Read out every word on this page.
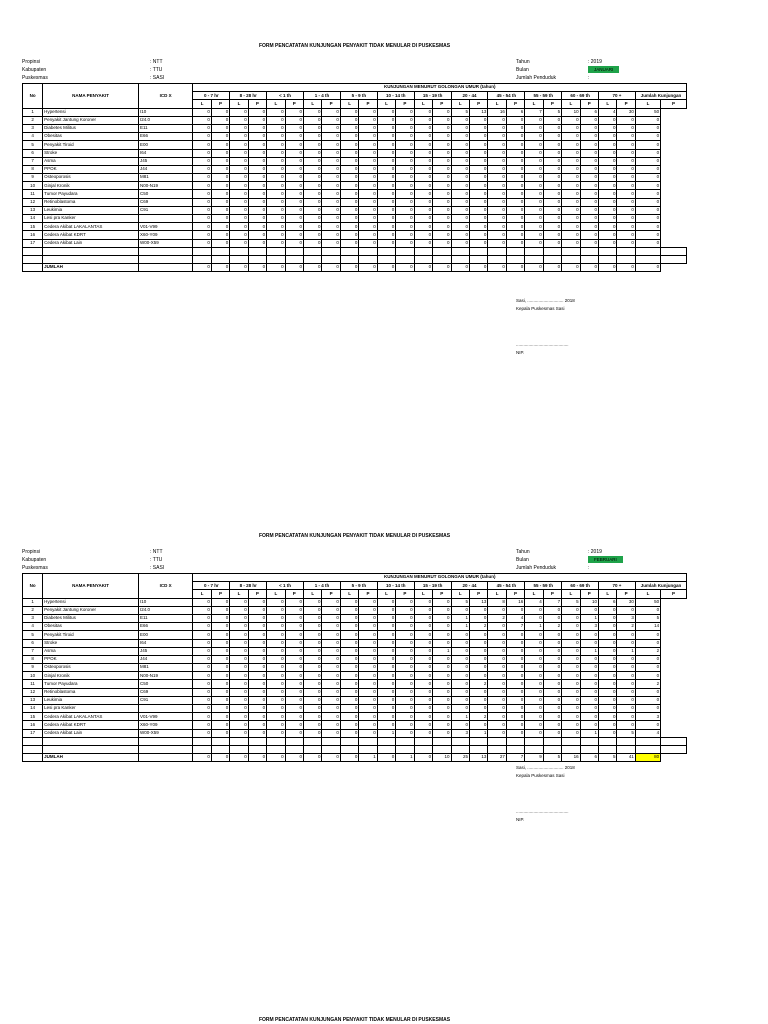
FORM PENCATATAN KUNJUNGAN PENYAKIT TIDAK MENULAR DI PUSKESMAS
Propinsi	: NTT
Kabupaten	: TTU
Puskesmas	: SASI
Tahun	: 2019
Bulan	JANUARI
Jumlah Penduduk	:
No	NAMA PENYAKIT	ICD X	KUNJUNGAN MENURUT GOLONGAN UMUR (tahun)																									
			0 - 7 hr		8 - 28 hr		< 1 th		1 - 4 th		5 - 9 th		10 - 14 th		15 - 19 th		20 - 44		45 - 54 th		55 - 59 th		60 - 69 th		70 +		Jumlah Kunjungan	
			L	P	L	P	L	P	L	P	L	P	L	P	L	P	L	P	L	P	L	P	L	P	L	P	L	P
1	Hypertensi	I10	0	0	0	0	0	0	0	0	0	0	0	0	0	0	5	13	16	6	7	5	10	6	4	30	50	
2	Penyakit Jantung Koroner	I24.0	0	0	0	0	0	0	0	0	0	0	0	0	0	0	0	0	0	0	0	0	0	0	0	0	0	
3	Diabetes Militus	E11	0	0	0	0	0	0	0	0	0	0	0	0	0	0	0	0	0	0	0	0	0	0	0	0	0	
4	Obesitas	E66	0	0	0	0	0	0	0	0	0	0	0	0	0	0	0	0	0	0	0	0	0	0	0	0	0	
5	Penyakit Tiroid	E00	0	0	0	0	0	0	0	0	0	0	0	0	0	0	0	0	0	0	0	0	0	0	0	0	0	
6	Stroke	I64	0	0	0	0	0	0	0	0	0	0	0	0	0	0	0	0	0	0	0	0	0	0	0	0	0	
7	Asma	J45	0	0	0	0	0	0	0	0	0	0	0	0	0	0	0	0	0	0	0	0	0	0	0	0	0	
8	PPOK	J44	0	0	0	0	0	0	0	0	0	0	0	0	0	0	0	0	0	0	0	0	0	0	0	0	0	
9	Osteoporosis	M81	0	0	0	0	0	0	0	0	0	0	0	0	0	0	0	0	0	0	0	0	0	0	0	0	0	
10	Ginjal Kronik	N00-N19	0	0	0	0	0	0	0	0	0	0	0	0	0	0	0	0	0	0	0	0	0	0	0	0	0	
11	Tumor Payudara	C50	0	0	0	0	0	0	0	0	0	0	0	0	0	0	0	0	0	0	0	0	0	0	0	0	0	
12	Retinoblastoma	C69	0	0	0	0	0	0	0	0	0	0	0	0	0	0	0	0	0	0	0	0	0	0	0	0	0	
13	Leukimia	C91	0	0	0	0	0	0	0	0	0	0	0	0	0	0	0	0	0	0	0	0	0	0	0	0	0	
14	Lesi pra Kanker		0	0	0	0	0	0	0	0	0	0	0	0	0	0	0	0	0	0	0	0	0	0	0	0	0	
15	Cedera Akibat LAKALANTAS	V01-V99	0	0	0	0	0	0	0	0	0	0	0	0	0	0	0	0	0	0	0	0	0	0	0	0	0	
16	Cedera Akibat KDRT	X60-Y09	0	0	0	0	0	0	0	0	0	0	0	0	0	0	0	0	0	0	0	0	0	0	0	0	0	
17	Cedera Akibat Lain	W00-X59	0	0	0	0	0	0	0	0	0	0	0	0	0	0	0	0	0	0	0	0	0	0	0	0	0	

	JUMLAH		0	0	0	0	0	0	0	0	0	0	0	0	0	0	0	0	0	0	0	0	0	0	0	0	0	
Sasi, ............................. 2018
Kepala Puskesmas Sasi
..........................................
NIP.
FORM PENCATATAN KUNJUNGAN PENYAKIT TIDAK MENULAR DI PUSKESMAS
Propinsi	: NTT
Kabupaten	: TTU
Puskesmas	: SASI
Tahun	: 2019
Bulan	FEBRUARI
Jumlah Penduduk	:
No	NAMA PENYAKIT	ICD X	KUNJUNGAN MENURUT GOLONGAN UMUR (tahun)																									
			0 - 7 hr		8 - 28 hr		< 1 th		1 - 4 th		5 - 9 th		10 - 14 th		15 - 19 th		20 - 44		45 - 54 th		55 - 59 th		60 - 69 th		70 +		Jumlah Kunjungan	
			L	P	L	P	L	P	L	P	L	P	L	P	L	P	L	P	L	P	L	P	L	P	L	P	L	P
1	Hypertensi	I10	0	0	0	0	0	0	0	0	0	0	0	0	0	0	5	13	8	16	4	7	5	10	6	30	50	
2	Penyakit Jantung Koroner	I24.0	0	0	0	0	0	0	0	0	0	0	0	0	0	0	0	0	0	0	0	0	0	0	0	0	0	
3	Diabetes Militus	E11	0	0	0	0	0	0	0	0	0	0	0	0	0	0	1	0	2	4	0	0	0	1	0	3	5	
4	Obesitas	E66	0	0	0	0	0	0	0	0	0	0	0	0	0	0	1	2	0	7	1	2	0	3	0	2	14	
5	Penyakit Tiroid	E00	0	0	0	0	0	0	0	0	0	0	0	0	0	0	0	0	0	0	0	0	0	0	0	0	0	
6	Stroke	I64	0	0	0	0	0	0	0	0	0	0	0	0	0	0	0	0	0	0	0	0	0	0	0	0	0	
7	Asma	J45	0	0	0	0	0	0	0	0	0	0	0	0	0	1	0	0	0	0	0	0	0	1	0	1	2	
8	PPOK	J44	0	0	0	0	0	0	0	0	0	0	0	0	0	0	0	0	0	0	0	0	0	0	0	0	0	
9	Osteoporosis	M81	0	0	0	0	0	0	0	0	0	0	0	0	0	0	0	0	0	0	0	0	0	0	0	0	0	
10	Ginjal Kronik	N00-N19	0	0	0	0	0	0	0	0	0	0	0	0	0	0	0	0	0	0	0	0	0	0	0	0	0	
11	Tumor Payudara	C50	0	0	0	0	0	0	0	0	0	0	0	0	0	0	0	2	0	0	0	0	0	0	0	0	2	
12	Retinoblastoma	C69	0	0	0	0	0	0	0	0	0	0	0	0	0	0	0	0	0	0	0	0	0	0	0	0	0	
13	Leukimia	C91	0	0	0	0	0	0	0	0	0	0	0	0	0	0	0	0	0	0	0	0	0	0	0	0	0	
14	Lesi pra Kanker		0	0	0	0	0	0	0	0	0	0	0	0	0	0	0	0	0	0	0	0	0	0	0	0	0	
15	Cedera Akibat LAKALANTAS	V01-V99	0	0	0	0	0	0	0	0	0	0	0	0	0	0	1	2	0	0	0	0	0	0	0	0	3	
16	Cedera Akibat KDRT	X60-Y09	0	0	0	0	0	0	0	0	0	0	0	0	0	0	0	0	0	0	0	0	0	0	0	0	0	
17	Cedera Akibat Lain	W00-X59	0	0	0	0	0	0	0	0	0	0	1	0	0	0	3	1	0	0	0	0	0	1	0	5	4	

	JUMLAH		0	0	0	0	0	0	0	0	0	1	0	1	0	10	25	13	27	7	9	5	16	6	5	41	80	
Sasi, ............................. 2018
Kepala Puskesmas Sasi
..........................................
NIP.
FORM PENCATATAN KUNJUNGAN PENYAKIT TIDAK MENULAR DI PUSKESMAS
